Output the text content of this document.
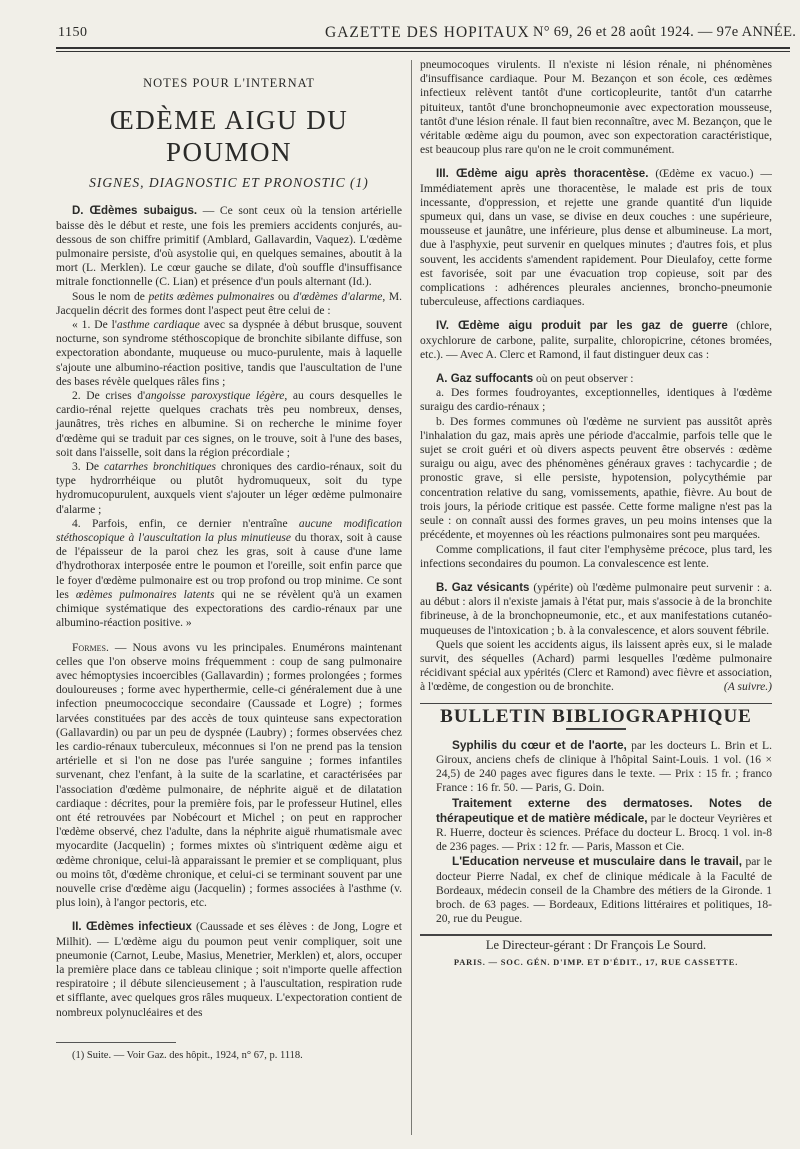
1150	GAZETTE DES HOPITAUX N° 69, 26 et 28 août 1924. — 97e ANNÉE.
NOTES POUR L'INTERNAT
ŒDÈME AIGU DU POUMON
SIGNES, DIAGNOSTIC ET PRONOSTIC (1)

D. Œdèmes subaigus. — Ce sont ceux où la tension artérielle baisse dès le début et reste, une fois les premiers accidents conjurés, au-dessous de son chiffre primitif (Amblard, Gallavardin, Vaquez). L'œdème pulmonaire persiste, d'où asystolie qui, en quelques semaines, aboutit à la mort (L. Merklen). Le cœur gauche se dilate, d'où souffle d'insuffisance mitrale fonctionnelle (C. Lian) et présence d'un pouls alternant (Id.).

Sous le nom de petits œdèmes pulmonaires ou d'œdèmes d'alarme, M. Jacquelin décrit des formes dont l'aspect peut être celui de :

« 1. De l'asthme cardiaque avec sa dyspnée à début brusque, souvent nocturne, son syndrome stéthoscopique de bronchite sibilante diffuse, son expectoration abondante, muqueuse ou muco-purulente, mais à laquelle s'ajoute une albumino-réaction positive, tandis que l'auscultation de l'une des bases révèle quelques râles fins ;

2. De crises d'angoisse paroxystique légère, au cours desquelles le cardio-rénal rejette quelques crachats très peu nombreux, denses, jaunâtres, très riches en albumine. Si on recherche le minime foyer d'œdème qui se traduit par ces signes, on le trouve, soit à l'une des bases, soit dans l'aisselle, soit dans la région précordiale ;

3. De catarrhes bronchitiques chroniques des cardio-rénaux, soit du type hydrorrhéique ou plutôt hydromuqueux, soit du type hydromucopurulent, auxquels vient s'ajouter un léger œdème pulmonaire d'alarme ;

4. Parfois, enfin, ce dernier n'entraîne aucune modification stéthoscopique à l'auscultation la plus minutieuse du thorax, soit à cause de l'épaisseur de la paroi chez les gras, soit à cause d'une lame d'hydrothorax interposée entre le poumon et l'oreille, soit enfin parce que le foyer d'œdème pulmonaire est ou trop profond ou trop minime. Ce sont les œdèmes pulmonaires latents qui ne se révèlent qu'à un examen chimique systématique des expectorations des cardio-rénaux par une albumino-réaction positive. »

Formes. — Nous avons vu les principales. Enumérons maintenant celles que l'on observe moins fréquemment : coup de sang pulmonaire avec hémoptysies incoercibles (Gallavardin) ; formes prolongées ; formes douloureuses ; forme avec hyperthermie, celle-ci généralement due à une infection pneumococcique secondaire (Caussade et Logre) ; formes larvées constituées par des accès de toux quinteuse sans expectoration (Gallavardin) ou par un peu de dyspnée (Laubry) ; formes observées chez les cardio-rénaux tuberculeux, méconnues si l'on ne prend pas la tension artérielle et si l'on ne dose pas l'urée sanguine ; formes infantiles survenant, chez l'enfant, à la suite de la scarlatine, et caractérisées par l'association d'œdème pulmonaire, de néphrite aiguë et de dilatation cardiaque : décrites, pour la première fois, par le professeur Hutinel, elles ont été retrouvées par Nobécourt et Michel ; on peut en rapprocher l'œdème observé, chez l'adulte, dans la néphrite aiguë rhumatismale avec myocardite (Jacquelin) ; formes mixtes où s'intriquent œdème aigu et œdème chronique, celui-là apparaissant le premier et se compliquant, plus ou moins tôt, d'œdème chronique, et celui-ci se terminant souvent par une nouvelle crise d'œdème aigu (Jacquelin) ; formes associées à l'asthme (v. plus loin), à l'angor pectoris, etc.

II. Œdèmes infectieux (Caussade et ses élèves : de Jong, Logre et Milhit). — L'œdème aigu du poumon peut venir compliquer, soit une pneumonie (Carnot, Leube, Masius, Menetrier, Merklen) et, alors, occuper la première place dans ce tableau clinique ; soit n'importe quelle affection respiratoire ; il débute silencieusement ; à l'auscultation, respiration rude et sifflante, avec quelques gros râles muqueux. L'expectoration contient de nombreux polynucléaires et des

(1) Suite. — Voir Gaz. des hôpit., 1924, n° 67, p. 1118.

pneumocoques virulents. Il n'existe ni lésion rénale, ni phénomènes d'insuffisance cardiaque. Pour M. Bezançon et son école, ces œdèmes infectieux relèvent tantôt d'une corticopleurite, tantôt d'un catarrhe pituiteux, tantôt d'une bronchopneumonie avec expectoration mousseuse, tantôt d'une lésion rénale. Il faut bien reconnaître, avec M. Bezançon, que le véritable œdème aigu du poumon, avec son expectoration caractéristique, est beaucoup plus rare qu'on ne le croit communément.

III. Œdème aigu après thoracentèse. (Œdème ex vacuo.) — Immédiatement après une thoracentèse, le malade est pris de toux incessante, d'oppression, et rejette une grande quantité d'un liquide spumeux qui, dans un vase, se divise en deux couches : une supérieure, mousseuse et jaunâtre, une inférieure, plus dense et albumineuse. La mort, due à l'asphyxie, peut survenir en quelques minutes ; d'autres fois, et plus souvent, les accidents s'amendent rapidement. Pour Dieulafoy, cette forme est favorisée, soit par une évacuation trop copieuse, soit par des complications : adhérences pleurales anciennes, broncho-pneumonie tuberculeuse, affections cardiaques.

IV. Œdème aigu produit par les gaz de guerre (chlore, oxychlorure de carbone, palite, surpalite, chloropicrine, cétones bromées, etc.). — Avec A. Clerc et Ramond, il faut distinguer deux cas :

A. Gaz suffocants où on peut observer :

a. Des formes foudroyantes, exceptionnelles, identiques à l'œdème suraigu des cardio-rénaux ;

b. Des formes communes où l'œdème ne survient pas aussitôt après l'inhalation du gaz, mais après une période d'accalmie, parfois telle que le sujet se croit guéri et où divers aspects peuvent être observés : œdème suraigu ou aigu, avec des phénomènes généraux graves : tachycardie ; de pronostic grave, si elle persiste, hypotension, polycythémie par concentration relative du sang, vomissements, apathie, fièvre. Au bout de trois jours, la période critique est passée. Cette forme maligne n'est pas la seule : on connaît aussi des formes graves, un peu moins intenses que la précédente, et moyennes où les réactions pulmonaires sont peu marquées.

Comme complications, il faut citer l'emphysème précoce, plus tard, les infections secondaires du poumon. La convalescence est lente.

B. Gaz vésicants (ypérite) où l'œdème pulmonaire peut survenir : a. au début : alors il n'existe jamais à l'état pur, mais s'associe à de la bronchite fibrineuse, à de la bronchopneumonie, etc., et aux manifestations cutanéo-muqueuses de l'intoxication ; b. à la convalescence, et alors souvent fébrile.

Quels que soient les accidents aigus, ils laissent après eux, si le malade survit, des séquelles (Achard) parmi lesquelles l'œdème pulmonaire récidivant spécial aux ypérités (Clerc et Ramond) avec fièvre et association, à l'œdème, de congestion ou de bronchite.	(A suivre.)

BULLETIN BIBLIOGRAPHIQUE

Syphilis du cœur et de l'aorte, par les docteurs L. Brin et L. Giroux, anciens chefs de clinique à l'hôpital Saint-Louis. 1 vol. (16 × 24,5) de 240 pages avec figures dans le texte. — Prix : 15 fr. ; franco France : 16 fr. 50. — Paris, G. Doin.

Traitement externe des dermatoses. Notes de thérapeutique et de matière médicale, par le docteur Veyrières et R. Huerre, docteur ès sciences. Préface du docteur L. Brocq. 1 vol. in-8 de 236 pages. — Prix : 12 fr. — Paris, Masson et Cie.

L'Education nerveuse et musculaire dans le travail, par le docteur Pierre Nadal, ex chef de clinique médicale à la Faculté de Bordeaux, médecin conseil de la Chambre des métiers de la Gironde. 1 broch. de 63 pages. — Bordeaux, Editions littéraires et politiques, 18-20, rue du Peugue.

Le Directeur-gérant : Dr François Le Sourd.
PARIS. — SOC. GÉN. D'IMP. ET D'ÉDIT., 17, RUE CASSETTE.
